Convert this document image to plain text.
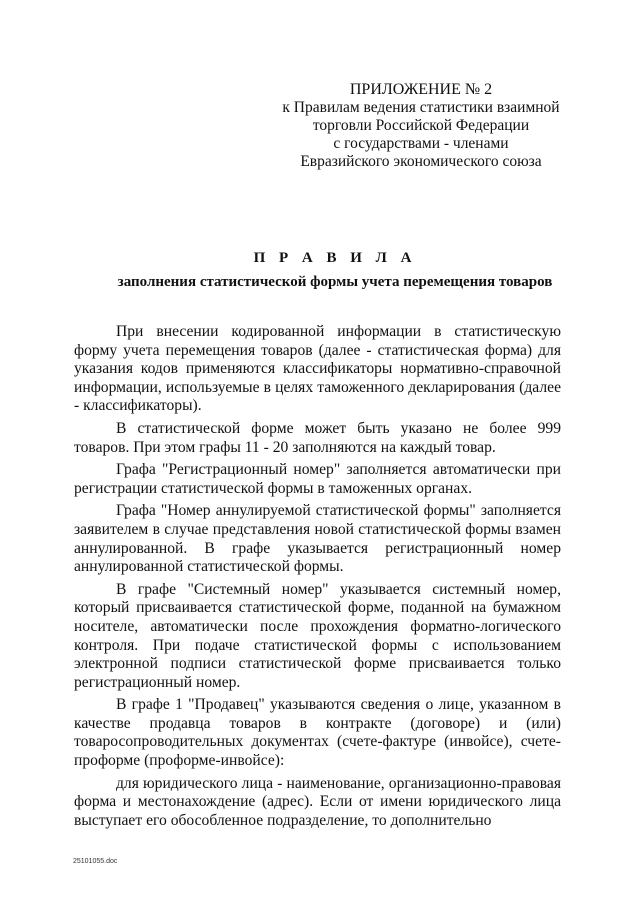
ПРИЛОЖЕНИЕ № 2
к Правилам ведения статистики взаимной
торговли Российской Федерации
с государствами - членами
Евразийского экономического союза
П Р А В И Л А
заполнения статистической формы учета перемещения товаров

При внесении кодированной информации в статистическую форму учета перемещения товаров (далее - статистическая форма) для указания кодов применяются классификаторы нормативно-справочной информации, используемые в целях таможенного декларирования (далее - классификаторы).

В статистической форме может быть указано не более 999 товаров. При этом графы 11 - 20 заполняются на каждый товар.

Графа "Регистрационный номер" заполняется автоматически при регистрации статистической формы в таможенных органах.

Графа "Номер аннулируемой статистической формы" заполняется заявителем в случае представления новой статистической формы взамен аннулированной. В графе указывается регистрационный номер аннулированной статистической формы.

В графе "Системный номер" указывается системный номер, который присваивается статистической форме, поданной на бумажном носителе, автоматически после прохождения форматно-логического контроля. При подаче статистической формы с использованием электронной подписи статистической форме присваивается только регистрационный номер.

В графе 1 "Продавец" указываются сведения о лице, указанном в качестве продавца товаров в контракте (договоре) и (или) товаросопроводительных документах (счете-фактуре (инвойсе), счете-проформе (проформе-инвойсе):

для юридического лица - наименование, организационно-правовая форма и местонахождение (адрес). Если от имени юридического лица выступает его обособленное подразделение, то дополнительно

25101055.doc
